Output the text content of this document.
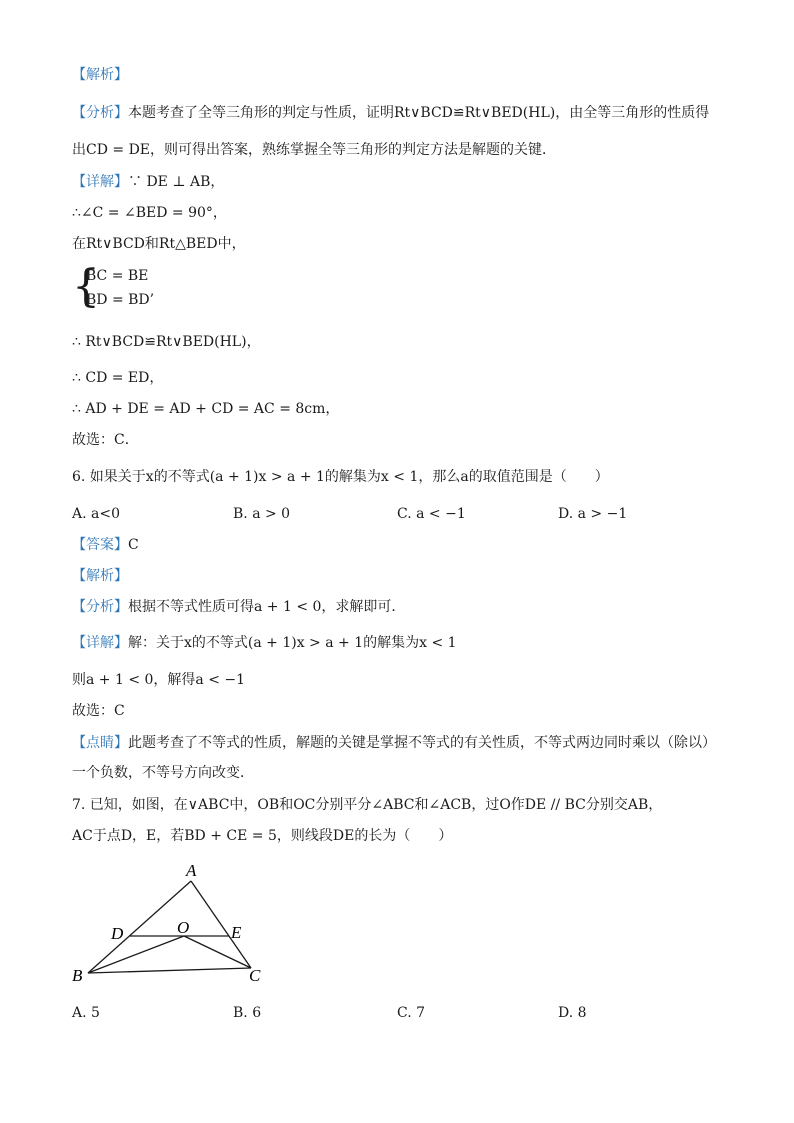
【解析】
【分析】本题考查了全等三角形的判定与性质，证明Rt∨BCD≌Rt∨BED(HL)，由全等三角形的性质得
出CD = DE，则可得出答案，熟练掌握全等三角形的判定方法是解题的关键．
【详解】∵ DE ⊥ AB，
∴∠C = ∠BED = 90°，
在Rt∨BCD和Rt△BED中，
{
BC = BE
BD = BD’
∴ Rt∨BCD≌Rt∨BED(HL)，
∴ CD = ED，
∴ AD + DE = AD + CD = AC = 8cm，
故选：C．
6. 如果关于x的不等式(a + 1)x > a + 1的解集为x < 1，那么a的取值范围是（　　）
A. a<0	B. a > 0	C. a < −1	D. a > −1
【答案】C
【解析】
【分析】根据不等式性质可得a + 1 < 0，求解即可．
【详解】解：关于x的不等式(a + 1)x > a + 1的解集为x < 1
则a + 1 < 0，解得a < −1
故选：C
【点睛】此题考查了不等式的性质，解题的关键是掌握不等式的有关性质，不等式两边同时乘以（除以）
一个负数，不等号方向改变．
7. 已知，如图，在∨ABC中，OB和OC分别平分∠ABC和∠ACB，过O作DE // BC分别交AB，
AC于点D，E，若BD + CE = 5，则线段DE的长为（　　）
A
B	C
D	E
O
A. 5	B. 6	C. 7	D. 8
